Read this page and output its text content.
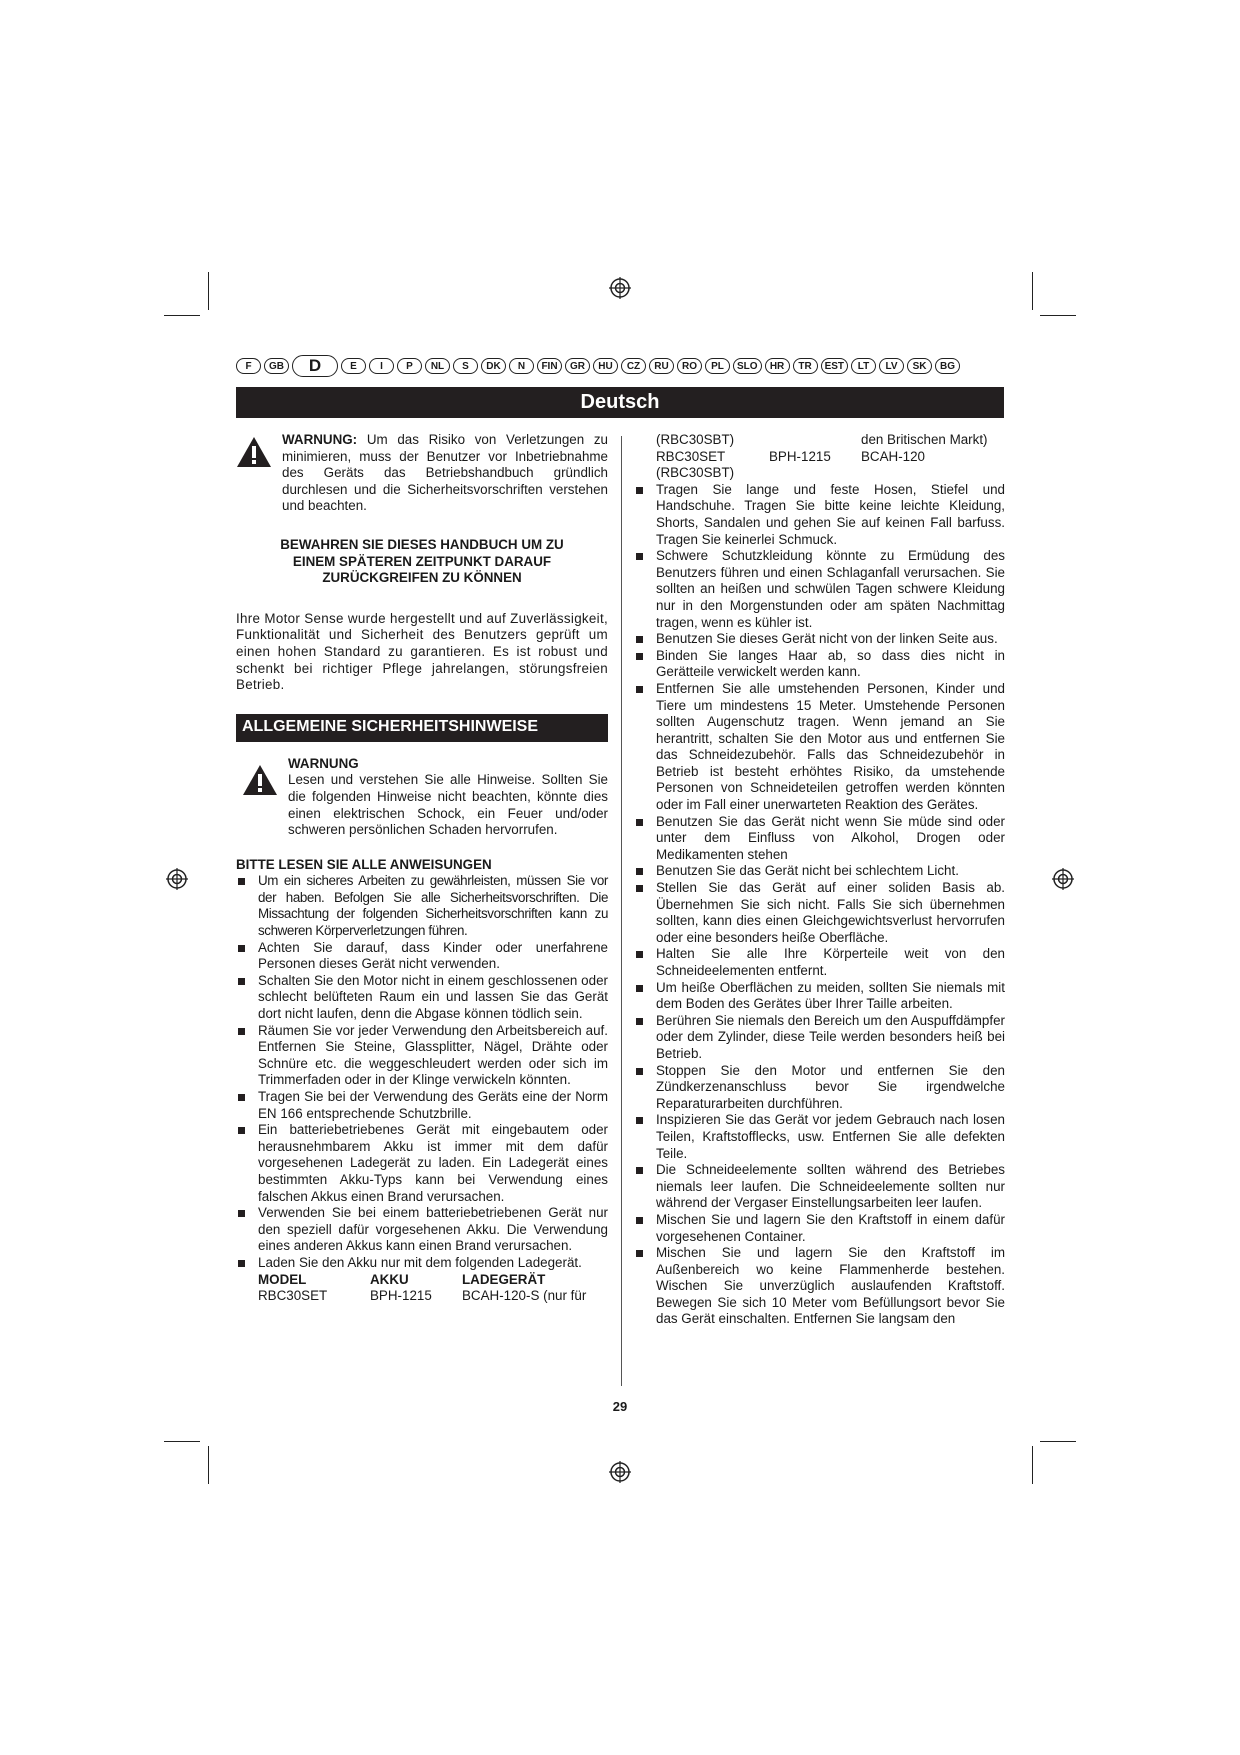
F	GB	D	E	I	P	NL	S	DK	N	FIN	GR	HU	CZ	RU	RO	PL	SLO	HR	TR	EST	LT	LV	SK	BG
Deutsch
WARNUNG: Um das Risiko von Verletzungen zu minimieren, muss der Benutzer vor Inbetriebnahme des Geräts das Betriebshandbuch gründlich durchlesen und die Sicherheitsvorschriften verstehen und beachten.

BEWAHREN SIE DIESES HANDBUCH UM ZU EINEM SPÄTEREN ZEITPUNKT DARAUF ZURÜCKGREIFEN ZU KÖNNEN

Ihre Motor Sense wurde hergestellt und auf Zuverlässigkeit, Funktionalität und Sicherheit des Benutzers geprüft um einen hohen Standard zu garantieren. Es ist robust und schenkt bei richtiger Pflege jahrelangen, störungsfreien Betrieb.

ALLGEMEINE SICHERHEITSHINWEISE
WARNUNG
Lesen und verstehen Sie alle Hinweise. Sollten Sie die folgenden Hinweise nicht beachten, könnte dies einen elektrischen Schock, ein Feuer und/oder schweren persönlichen Schaden hervorrufen.

BITTE LESEN SIE ALLE ANWEISUNGEN

Um ein sicheres Arbeiten zu gewährleisten, müssen Sie vor der haben. Befolgen Sie alle Sicherheitsvorschriften. Die Missachtung der folgenden Sicherheitsvorschriften kann zu schweren Körperverletzungen führen.
Achten Sie darauf, dass Kinder oder unerfahrene Personen dieses Gerät nicht verwenden.
Schalten Sie den Motor nicht in einem geschlossenen oder schlecht belüfteten Raum ein und lassen Sie das Gerät dort nicht laufen, denn die Abgase können tödlich sein.
Räumen Sie vor jeder Verwendung den Arbeitsbereich auf. Entfernen Sie Steine, Glassplitter, Nägel, Drähte oder Schnüre etc. die weggeschleudert werden oder sich im Trimmerfaden oder in der Klinge verwickeln könnten.
Tragen Sie bei der Verwendung des Geräts eine der Norm EN 166 entsprechende Schutzbrille.
Ein batteriebetriebenes Gerät mit eingebautem oder herausnehmbarem Akku ist immer mit dem dafür vorgesehenen Ladegerät zu laden. Ein Ladegerät eines bestimmten Akku-Typs kann bei Verwendung eines falschen Akkus einen Brand verursachen.
Verwenden Sie bei einem batteriebetriebenen Gerät nur den speziell dafür vorgesehenen Akku. Die Verwendung eines anderen Akkus kann einen Brand verursachen.
Laden Sie den Akku nur mit dem folgenden Ladegerät.
MODEL	AKKU	LADEGERÄT
RBC30SET	BPH-1215	BCAH-120-S (nur für
(RBC30SBT)		den Britischen Markt)
RBC30SET	BPH-1215	BCAH-120
(RBC30SBT)		
Tragen Sie lange und feste Hosen, Stiefel und Handschuhe. Tragen Sie bitte keine leichte Kleidung, Shorts, Sandalen und gehen Sie auf keinen Fall barfuss. Tragen Sie keinerlei Schmuck.
Schwere Schutzkleidung könnte zu Ermüdung des Benutzers führen und einen Schlaganfall verursachen. Sie sollten an heißen und schwülen Tagen schwere Kleidung nur in den Morgenstunden oder am späten Nachmittag tragen, wenn es kühler ist.
Benutzen Sie dieses Gerät nicht von der linken Seite aus.
Binden Sie langes Haar ab, so dass dies nicht in Gerätteile verwickelt werden kann.
Entfernen Sie alle umstehenden Personen, Kinder und Tiere um mindestens 15 Meter. Umstehende Personen sollten Augenschutz tragen. Wenn jemand an Sie herantritt, schalten Sie den Motor aus und entfernen Sie das Schneidezubehör. Falls das Schneidezubehör in Betrieb ist besteht erhöhtes Risiko, da umstehende Personen von Schneideteilen getroffen werden könnten oder im Fall einer unerwarteten Reaktion des Gerätes.
Benutzen Sie das Gerät nicht wenn Sie müde sind oder unter dem Einfluss von Alkohol, Drogen oder Medikamenten stehen
Benutzen Sie das Gerät nicht bei schlechtem Licht.
Stellen Sie das Gerät auf einer soliden Basis ab. Übernehmen Sie sich nicht. Falls Sie sich übernehmen sollten, kann dies einen Gleichgewichtsverlust hervorrufen oder eine besonders heiße Oberfläche.
Halten Sie alle Ihre Körperteile weit von den Schneideelementen entfernt.
Um heiße Oberflächen zu meiden, sollten Sie niemals mit dem Boden des Gerätes über Ihrer Taille arbeiten.
Berühren Sie niemals den Bereich um den Auspuffdämpfer oder dem Zylinder, diese Teile werden besonders heiß bei Betrieb.
Stoppen Sie den Motor und entfernen Sie den Zündkerzenanschluss bevor Sie irgendwelche Reparaturarbeiten durchführen.
Inspizieren Sie das Gerät vor jedem Gebrauch nach losen Teilen, Kraftstofflecks, usw. Entfernen Sie alle defekten Teile.
Die Schneideelemente sollten während des Betriebes niemals leer laufen. Die Schneideelemente sollten nur während der Vergaser Einstellungsarbeiten leer laufen.
Mischen Sie und lagern Sie den Kraftstoff in einem dafür vorgesehenen Container.
Mischen Sie und lagern Sie den Kraftstoff im Außenbereich wo keine Flammenherde bestehen. Wischen Sie unverzüglich auslaufenden Kraftstoff. Bewegen Sie sich 10 Meter vom Befüllungsort bevor Sie das Gerät einschalten. Entfernen Sie langsam den
29
